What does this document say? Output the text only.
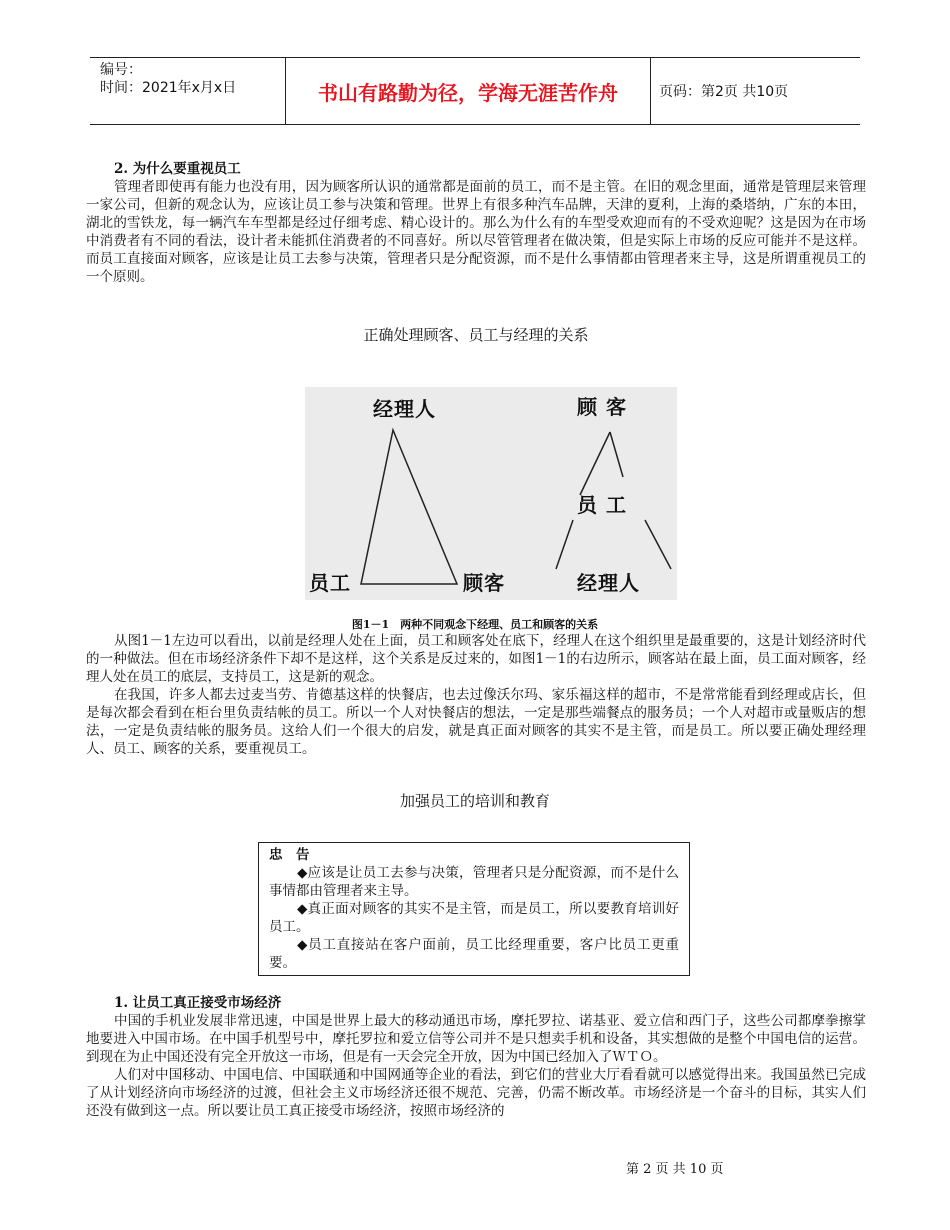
编号：
时间：2021年x月x日	书山有路勤为径，学海无涯苦作舟	页码：第2页 共10页
2. 为什么要重视员工

管理者即使再有能力也没有用，因为顾客所认识的通常都是面前的员工，而不是主管。在旧的观念里面，通常是管理层来管理一家公司，但新的观念认为，应该让员工参与决策和管理。世界上有很多种汽车品牌，天津的夏利，上海的桑塔纳，广东的本田，湖北的雪铁龙，每一辆汽车车型都是经过仔细考虑、精心设计的。那么为什么有的车型受欢迎而有的不受欢迎呢？这是因为在市场中消费者有不同的看法，设计者未能抓住消费者的不同喜好。所以尽管管理者在做决策，但是实际上市场的反应可能并不是这样。而员工直接面对顾客，应该是让员工去参与决策，管理者只是分配资源，而不是什么事情都由管理者来主导，这是所谓重视员工的一个原则。

正确处理顾客、员工与经理的关系
经理人
员工	顾客
顾 客
员 工
经理人
图1－1　两种不同观念下经理、员工和顾客的关系

从图1－1左边可以看出，以前是经理人处在上面，员工和顾客处在底下，经理人在这个组织里是最重要的，这是计划经济时代的一种做法。但在市场经济条件下却不是这样，这个关系是反过来的，如图1－1的右边所示，顾客站在最上面，员工面对顾客，经理人处在员工的底层，支持员工，这是新的观念。

在我国，许多人都去过麦当劳、肯德基这样的快餐店，也去过像沃尔玛、家乐福这样的超市，不是常常能看到经理或店长，但是每次都会看到在柜台里负责结帐的员工。所以一个人对快餐店的想法，一定是那些端餐点的服务员；一个人对超市或量贩店的想法，一定是负责结帐的服务员。这给人们一个很大的启发，就是真正面对顾客的其实不是主管，而是员工。所以要正确处理经理人、员工、顾客的关系，要重视员工。

加强员工的培训和教育
忠　告
◆应该是让员工去参与决策，管理者只是分配资源，而不是什么事情都由管理者来主导。
◆真正面对顾客的其实不是主管，而是员工，所以要教育培训好员工。
◆员工直接站在客户面前，员工比经理重要，客户比员工更重要。
1. 让员工真正接受市场经济

中国的手机业发展非常迅速，中国是世界上最大的移动通迅市场，摩托罗拉、诺基亚、爱立信和西门子，这些公司都摩拳擦掌地要进入中国市场。在中国手机型号中，摩托罗拉和爱立信等公司并不是只想卖手机和设备，其实想做的是整个中国电信的运营。到现在为止中国还没有完全开放这一市场，但是有一天会完全开放，因为中国已经加入了ＷＴＯ。

人们对中国移动、中国电信、中国联通和中国网通等企业的看法，到它们的营业大厅看看就可以感觉得出来。我国虽然已完成了从计划经济向市场经济的过渡，但社会主义市场经济还很不规范、完善，仍需不断改革。市场经济是一个奋斗的目标，其实人们还没有做到这一点。所以要让员工真正接受市场经济，按照市场经济的

第 2 页 共 10 页
